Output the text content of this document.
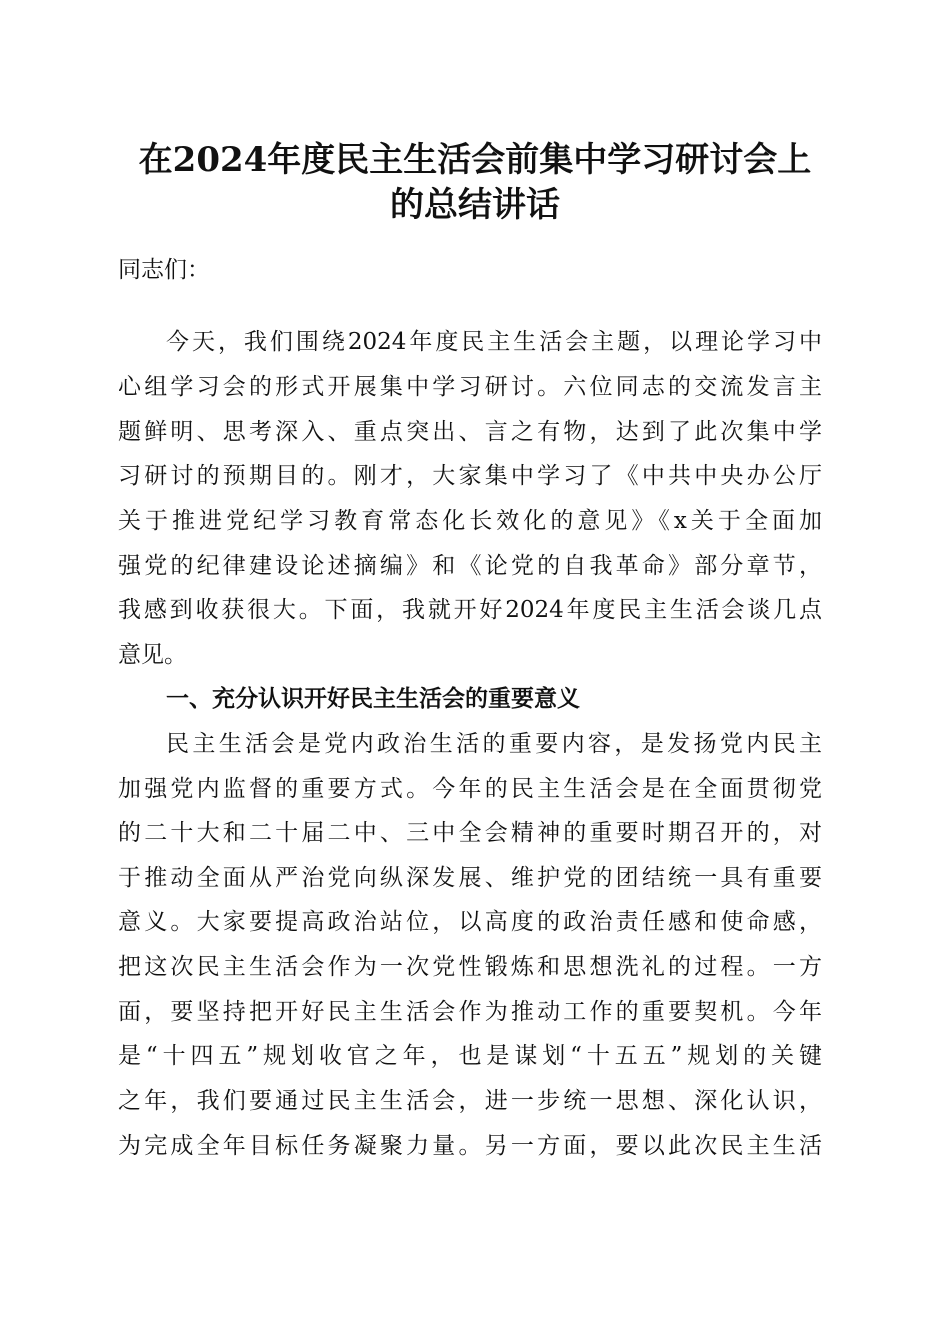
在2024年度民主生活会前集中学习研讨会上
的总结讲话
同志们：
今天，我们围绕2024年度民主生活会主题，以理论学习中
心组学习会的形式开展集中学习研讨。六位同志的交流发言主
题鲜明、思考深入、重点突出、言之有物，达到了此次集中学
习研讨的预期目的。刚才，大家集中学习了《中共中央办公厅
关于推进党纪学习教育常态化长效化的意见》《x关于全面加
强党的纪律建设论述摘编》和《论党的自我革命》部分章节，
我感到收获很大。下面，我就开好2024年度民主生活会谈几点
意见。
一、充分认识开好民主生活会的重要意义
民主生活会是党内政治生活的重要内容，是发扬党内民主
加强党内监督的重要方式。今年的民主生活会是在全面贯彻党
的二十大和二十届二中、三中全会精神的重要时期召开的，对
于推动全面从严治党向纵深发展、维护党的团结统一具有重要
意义。大家要提高政治站位，以高度的政治责任感和使命感，
把这次民主生活会作为一次党性锻炼和思想洗礼的过程。一方
面，要坚持把开好民主生活会作为推动工作的重要契机。今年
是“十四五”规划收官之年，也是谋划“十五五”规划的关键
之年，我们要通过民主生活会，进一步统一思想、深化认识，
为完成全年目标任务凝聚力量。另一方面，要以此次民主生活
